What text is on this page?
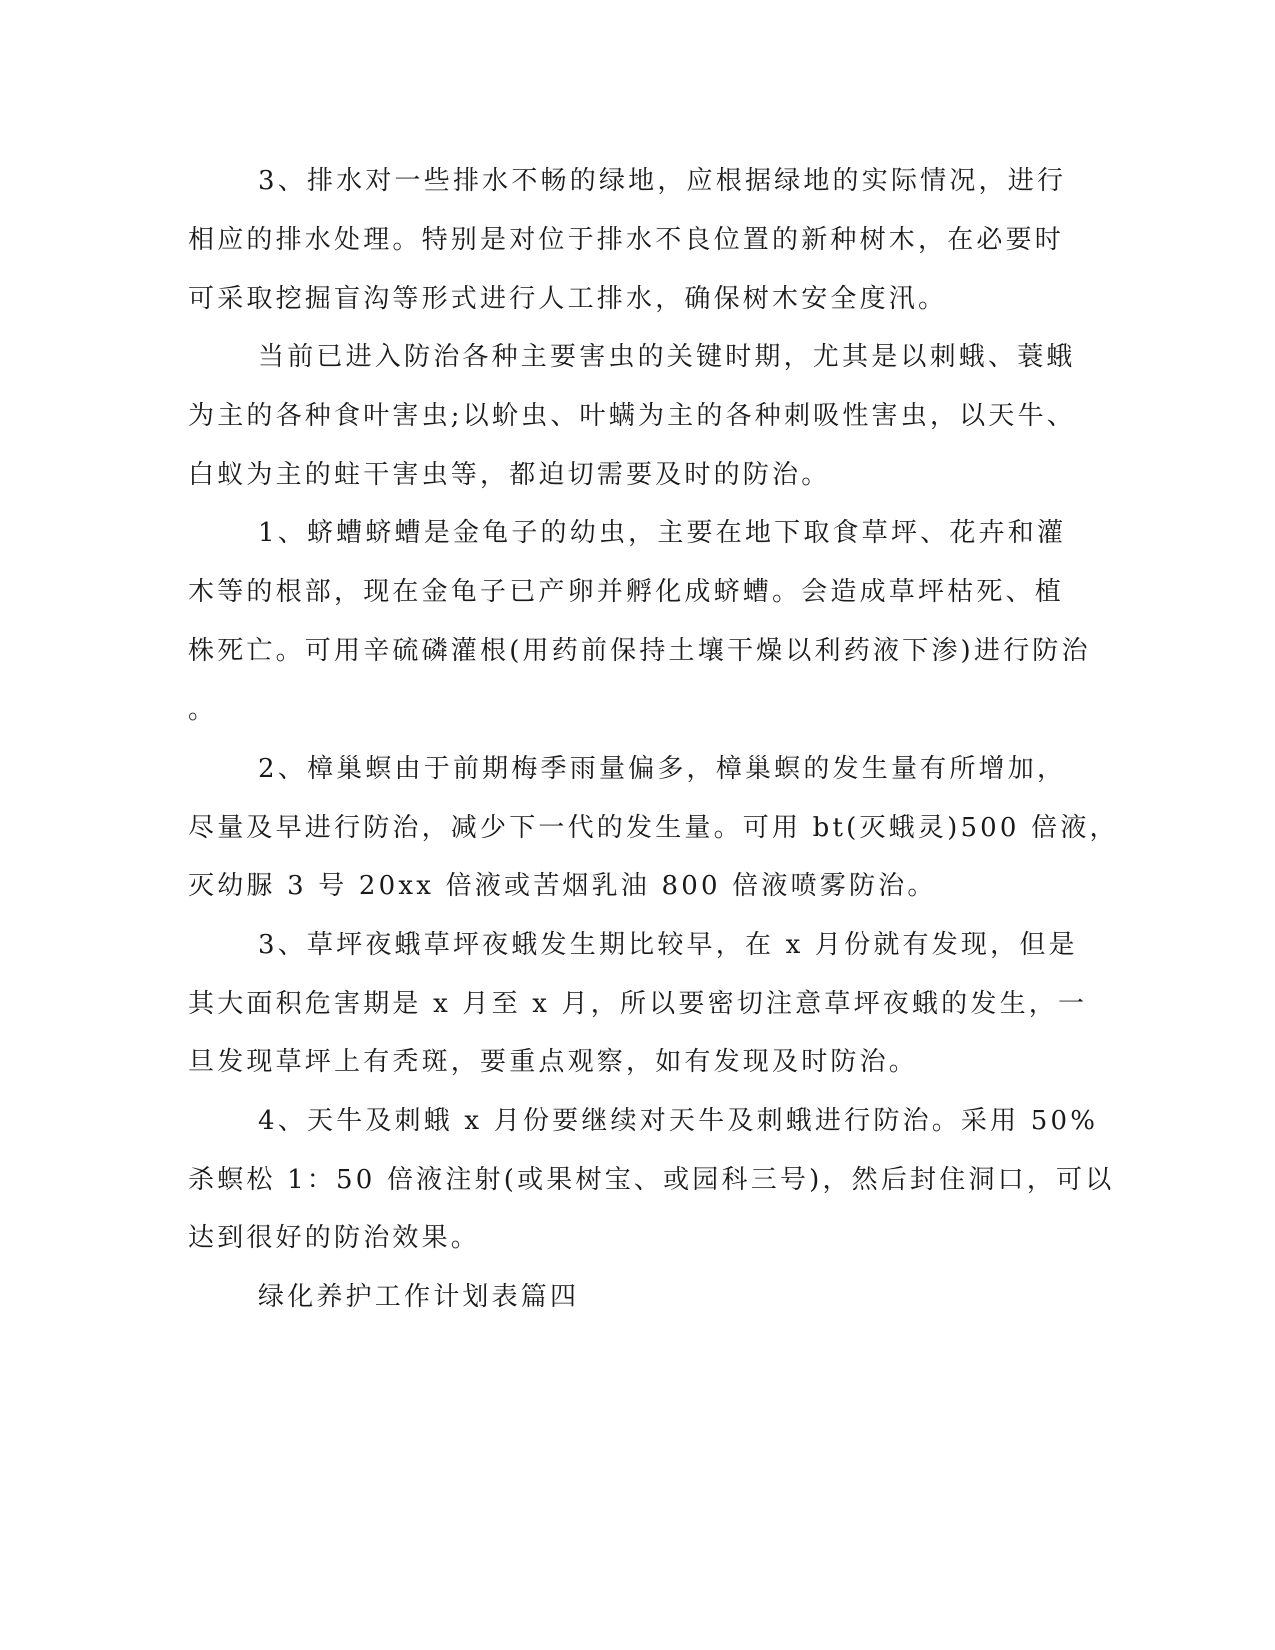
3、排水对一些排水不畅的绿地，应根据绿地的实际情况，进行

相应的排水处理。特别是对位于排水不良位置的新种树木，在必要时

可采取挖掘盲沟等形式进行人工排水，确保树木安全度汛。

当前已进入防治各种主要害虫的关键时期，尤其是以刺蛾、蓑蛾

为主的各种食叶害虫;以蚧虫、叶螨为主的各种刺吸性害虫，以天牛、

白蚁为主的蛀干害虫等，都迫切需要及时的防治。

1、蛴螬蛴螬是金龟子的幼虫，主要在地下取食草坪、花卉和灌

木等的根部，现在金龟子已产卵并孵化成蛴螬。会造成草坪枯死、植

株死亡。可用辛硫磷灌根(用药前保持土壤干燥以利药液下渗)进行防治

。

2、樟巢螟由于前期梅季雨量偏多，樟巢螟的发生量有所增加，

尽量及早进行防治，减少下一代的发生量。可用 bt(灭蛾灵)500 倍液，

灭幼脲 3 号 20xx 倍液或苦烟乳油 800 倍液喷雾防治。

3、草坪夜蛾草坪夜蛾发生期比较早，在 x 月份就有发现，但是

其大面积危害期是 x 月至 x 月，所以要密切注意草坪夜蛾的发生，一

旦发现草坪上有秃斑，要重点观察，如有发现及时防治。

4、天牛及刺蛾 x 月份要继续对天牛及刺蛾进行防治。采用 50%

杀螟松 1：50 倍液注射(或果树宝、或园科三号)，然后封住洞口，可以

达到很好的防治效果。

绿化养护工作计划表篇四
